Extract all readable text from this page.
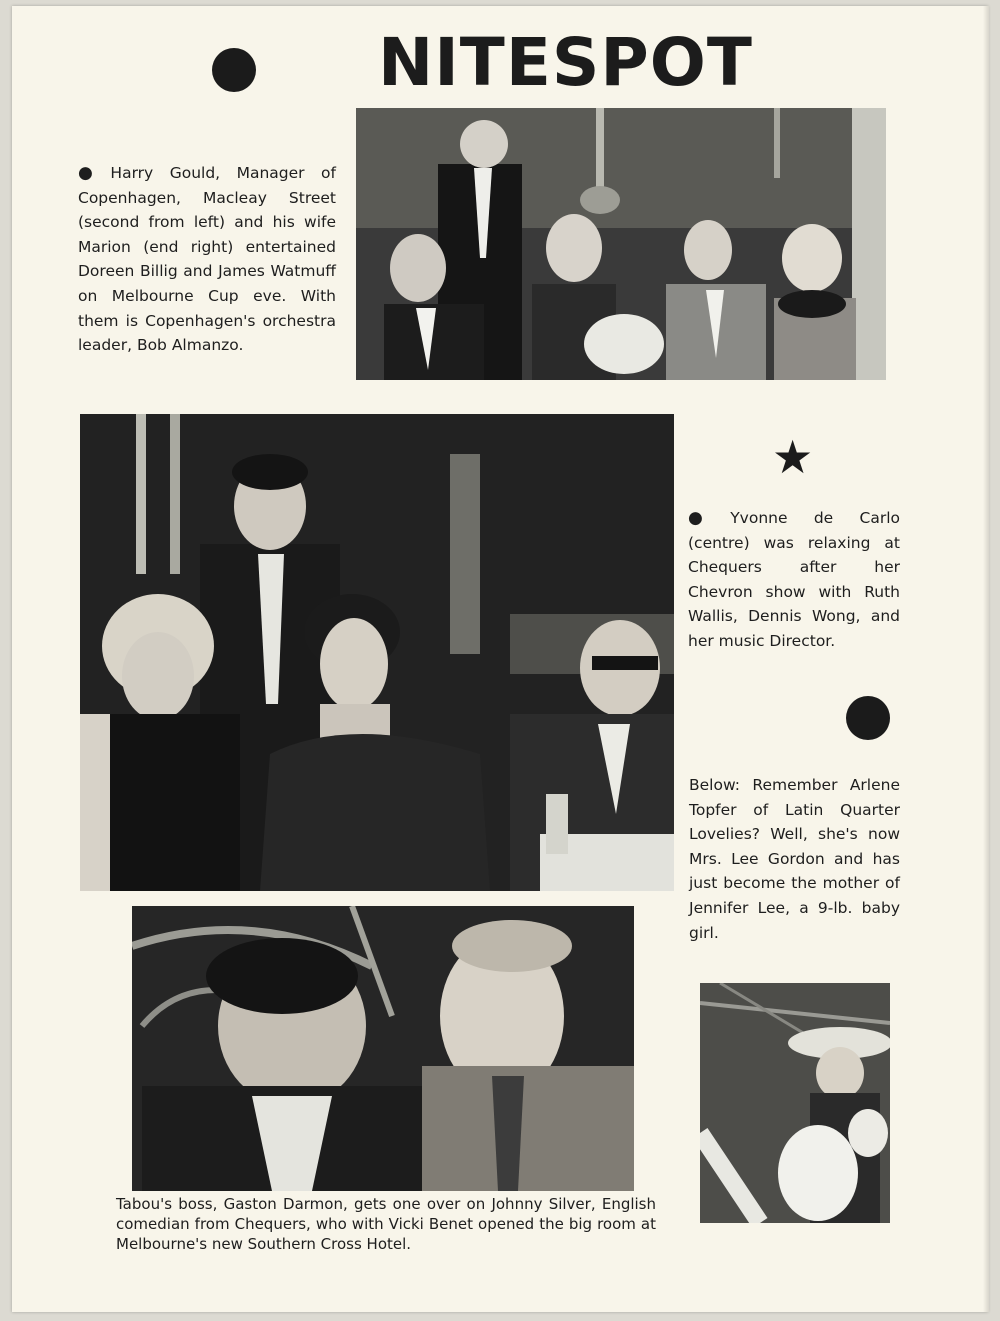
NITESPOT
● Harry Gould, Manager of Copenhagen, Macleay Street (second from left) and his wife Marion (end right) entertained Doreen Billig and James Watmuff on Melbourne Cup eve. With them is Copenhagen's orchestra leader, Bob Almanzo.
★
● Yvonne de Carlo (centre) was relaxing at Chequers after her Chevron show with Ruth Wallis, Dennis Wong, and her music Director.
Below: Remember Arlene Topfer of Latin Quarter Lovelies? Well, she's now Mrs. Lee Gordon and has just become the mother of Jennifer Lee, a 9-lb. baby girl.
Tabou's boss, Gaston Darmon, gets one over on Johnny Silver, English comedian from Chequers, who with Vicki Benet opened the big room at Melbourne's new Southern Cross Hotel.
